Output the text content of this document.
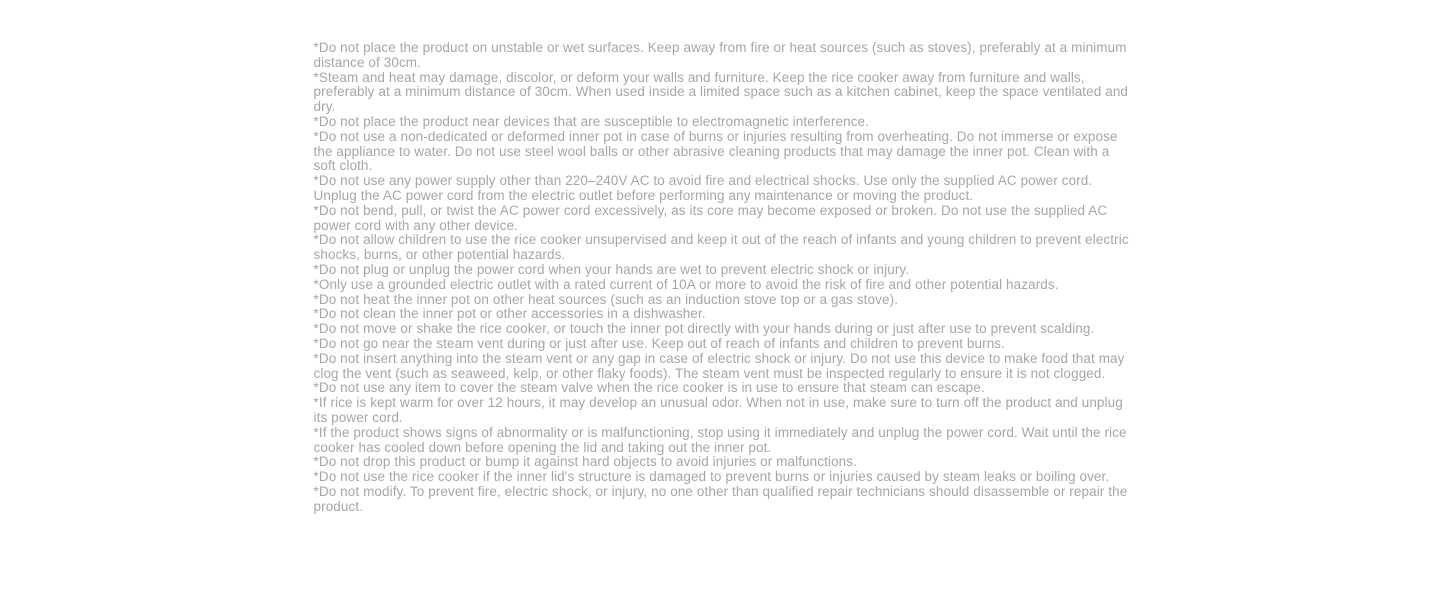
*Do not place the product on unstable or wet surfaces. Keep away from fire or heat sources (such as stoves), preferably at a minimum distance of 30cm.

*Steam and heat may damage, discolor, or deform your walls and furniture. Keep the rice cooker away from furniture and walls, preferably at a minimum distance of 30cm. When used inside a limited space such as a kitchen cabinet, keep the space ventilated and dry.

*Do not place the product near devices that are susceptible to electromagnetic interference.

*Do not use a non-dedicated or deformed inner pot in case of burns or injuries resulting from overheating. Do not immerse or expose the appliance to water. Do not use steel wool balls or other abrasive cleaning products that may damage the inner pot. Clean with a soft cloth.

*Do not use any power supply other than 220–240V AC to avoid fire and electrical shocks. Use only the supplied AC power cord. Unplug the AC power cord from the electric outlet before performing any maintenance or moving the product.

*Do not bend, pull, or twist the AC power cord excessively, as its core may become exposed or broken. Do not use the supplied AC power cord with any other device.

*Do not allow children to use the rice cooker unsupervised and keep it out of the reach of infants and young children to prevent electric shocks, burns, or other potential hazards.

*Do not plug or unplug the power cord when your hands are wet to prevent electric shock or injury.

*Only use a grounded electric outlet with a rated current of 10A or more to avoid the risk of fire and other potential hazards.

*Do not heat the inner pot on other heat sources (such as an induction stove top or a gas stove).

*Do not clean the inner pot or other accessories in a dishwasher.

*Do not move or shake the rice cooker, or touch the inner pot directly with your hands during or just after use to prevent scalding.

*Do not go near the steam vent during or just after use. Keep out of reach of infants and children to prevent burns.

*Do not insert anything into the steam vent or any gap in case of electric shock or injury. Do not use this device to make food that may clog the vent (such as seaweed, kelp, or other flaky foods). The steam vent must be inspected regularly to ensure it is not clogged.

*Do not use any item to cover the steam valve when the rice cooker is in use to ensure that steam can escape.

*If rice is kept warm for over 12 hours, it may develop an unusual odor. When not in use, make sure to turn off the product and unplug its power cord.

*If the product shows signs of abnormality or is malfunctioning, stop using it immediately and unplug the power cord. Wait until the rice cooker has cooled down before opening the lid and taking out the inner pot.

*Do not drop this product or bump it against hard objects to avoid injuries or malfunctions.

*Do not use the rice cooker if the inner lid's structure is damaged to prevent burns or injuries caused by steam leaks or boiling over.

*Do not modify. To prevent fire, electric shock, or injury, no one other than qualified repair technicians should disassemble or repair the product.
